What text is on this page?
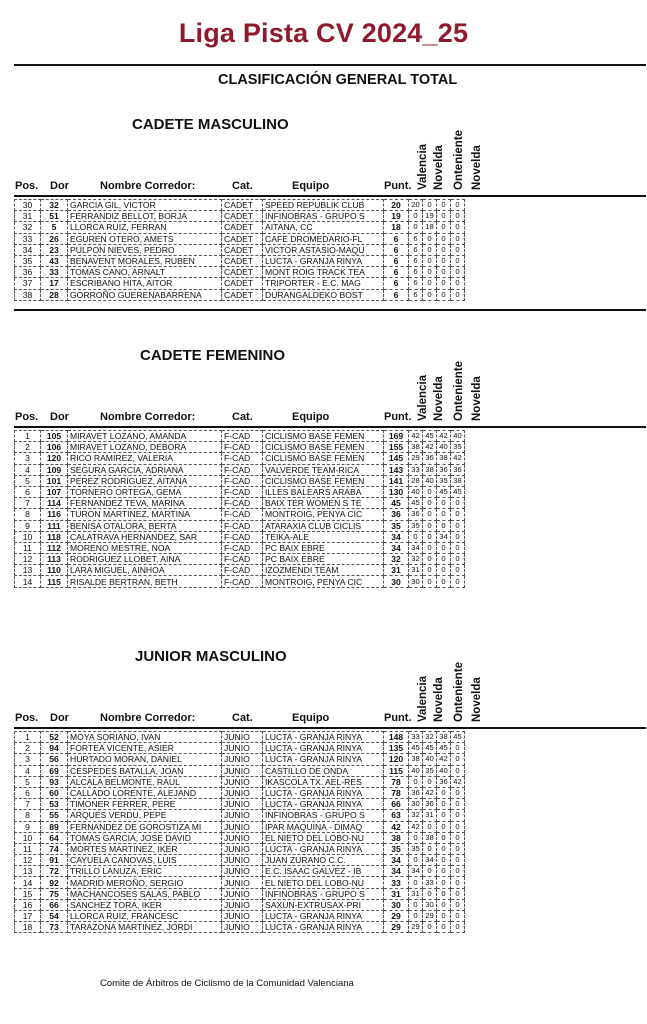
Liga Pista CV 2024_25
CLASIFICACIÓN GENERAL TOTAL
CADETE MASCULINO
Valencia Novelda Onteniente Novelda
Pos. Dor	Nombre Corredor:	Cat.	Equipo	Punt.
30	32	GARCIA GIL, VICTOR	CADET	SPEED REPUBLIK CLUB	20	20	0	0	0
31	51	FERRANDIZ BELLOT, BORJA	CADET	INFINOBRAS - GRUPO S	19	0	19	0	0
32	5	LLORCA RUIZ, FERRAN	CADET	AITANA, CC	18	0	18	0	0
33	26	EGUREN OTERO, AMETS	CADET	CAFE DROMEDARIO-FL	6	6	0	0	0
34	23	PULPON NIEVES, PEDRO	CADET	VICTOR ASTASIO-MAQU	6	6	0	0	0
35	43	BENAVENT MORALES, RUBEN	CADET	LUCTA - GRANJA RINYA	6	6	0	0	0
36	33	TOMAS CANO, ARNALT	CADET	MONT ROIG TRACK TEA	6	6	0	0	0
37	17	ESCRIBANO HITA, AITOR	CADET	TRIPORTER - E.C. MAG	6	6	0	0	0
38	28	GORROÑO GUERENABARRENA	CADET	DURANGALDEKO BOST	6	6	0	0	0
CADETE FEMENINO
Valencia Novelda Onteniente Novelda
Pos. Dor	Nombre Corredor:	Cat.	Equipo	Punt.
1	105	MIRAVET LOZANO, AMANDA	F-CAD	CICLISMO BASE FEMEN	169	42	45	42	40
2	106	MIRAVET LOZANO, DEBORA	F-CAD	CICLISMO BASE FEMEN	155	38	42	40	35
3	120	RICO RAMIREZ, VALERIA	F-CAD	CICLISMO BASE FEMEN	145	29	36	38	42
4	109	SEGURA GARCIA, ADRIANA	F-CAD	VALVERDE TEAM-RICA	143	33	38	36	36
5	101	PEREZ RODRIGUEZ, AITANA	F-CAD	CICLISMO BASE FEMEN	141	28	40	35	38
6	107	TORNERO ORTEGA, GEMA	F-CAD	ILLES BALEARS ARABA	130	40	0	45	45
7	114	FERNANDEZ TEVA, MARINA	F-CAD	BAIX TER WOMEN S TE	45	45	0	0	0
8	116	TURON MARTINEZ, MARTINA	F-CAD	MONTROIG, PENYA CIC	36	36	0	0	0
9	111	BENISA OTALORA, BERTA	F-CAD	ATARAXIA CLUB CICLIS	35	35	0	0	0
10	118	CALATRAVA HERNANDEZ, SAR	F-CAD	TEIKA-ALE	34	0	0	34	0
11	112	MORENO MESTRE, NOA	F-CAD	PC BAIX EBRE	34	34	0	0	0
12	113	RODRIGUEZ LLOBET, AINA	F-CAD	PC BAIX EBRE	32	32	0	0	0
13	110	LARA MIGUEL, AINHOA	F-CAD	IZOZMENDI TEAM	31	31	0	0	0
14	115	RISALDE BERTRAN, BETH	F-CAD	MONTROIG, PENYA CIC	30	30	0	0	0
JUNIOR MASCULINO
Valencia Novelda Onteniente Novelda
Pos. Dor	Nombre Corredor:	Cat.	Equipo	Punt.
1	52	MOYA SORIANO, IVAN	JUNIO	LUCTA - GRANJA RINYA	148	33	32	38	45
2	94	FORTEA VICENTE, ASIER	JUNIO	LUCTA - GRANJA RINYA	135	45	45	45	0
3	56	HURTADO MORAN, DANIEL	JUNIO	LUCTA - GRANJA RINYA	120	38	40	42	0
4	69	CESPEDES BATALLA, JOAN	JUNIO	CASTILLO DE ONDA	115	40	35	40	0
5	93	ALCALA BELMONTE, RAUL	JUNIO	IKASCOLA TX. AEL-RES	78	0	0	36	42
6	60	CALLADO LORENTE, ALEJAND	JUNIO	LUCTA - GRANJA RINYA	78	36	42	0	0
7	53	TIMONER FERRER, PERE	JUNIO	LUCTA - GRANJA RINYA	66	30	36	0	0
8	55	ARQUES VERDU, PEPE	JUNIO	INFINOBRAS - GRUPO S	63	32	31	0	0
9	89	FERNANDEZ DE GOROSTIZA MI	JUNIO	IPAR MAQUINA - DIMAQ	42	42	0	0	0
10	64	TOMAS GARCIA, JOSE DAVID	JUNIO	EL NIETO DEL LOBO-NU	38	0	38	0	0
11	74	MORTES MARTINEZ, IKER	JUNIO	LUCTA - GRANJA RINYA	35	35	0	0	0
12	91	CAYUELA CANOVAS, LUIS	JUNIO	JUAN ZURANO C.C.	34	0	34	0	0
13	72	TRILLO LANUZA, ERIC	JUNIO	E.C. ISAAC GALVEZ - IB	34	34	0	0	0
14	92	MADRID MEROÑO, SERGIO	JUNIO	EL NIETO DEL LOBO-NU	33	0	33	0	0
15	75	MACHANCOSES SALAS, PABLO	JUNIO	INFINOBRAS - GRUPO S	31	31	0	0	0
16	66	SANCHEZ TORA, IKER	JUNIO	SAXUN-EXTRUSAX-PRI	30	0	30	0	0
17	54	LLORCA RUIZ, FRANCESC	JUNIO	LUCTA - GRANJA RINYA	29	0	29	0	0
18	73	TARAZONA MARTINEZ, JORDI	JUNIO	LUCTA - GRANJA RINYA	29	29	0	0	0
Comite de Árbitros de Ciclismo de la Comunidad Valenciana
